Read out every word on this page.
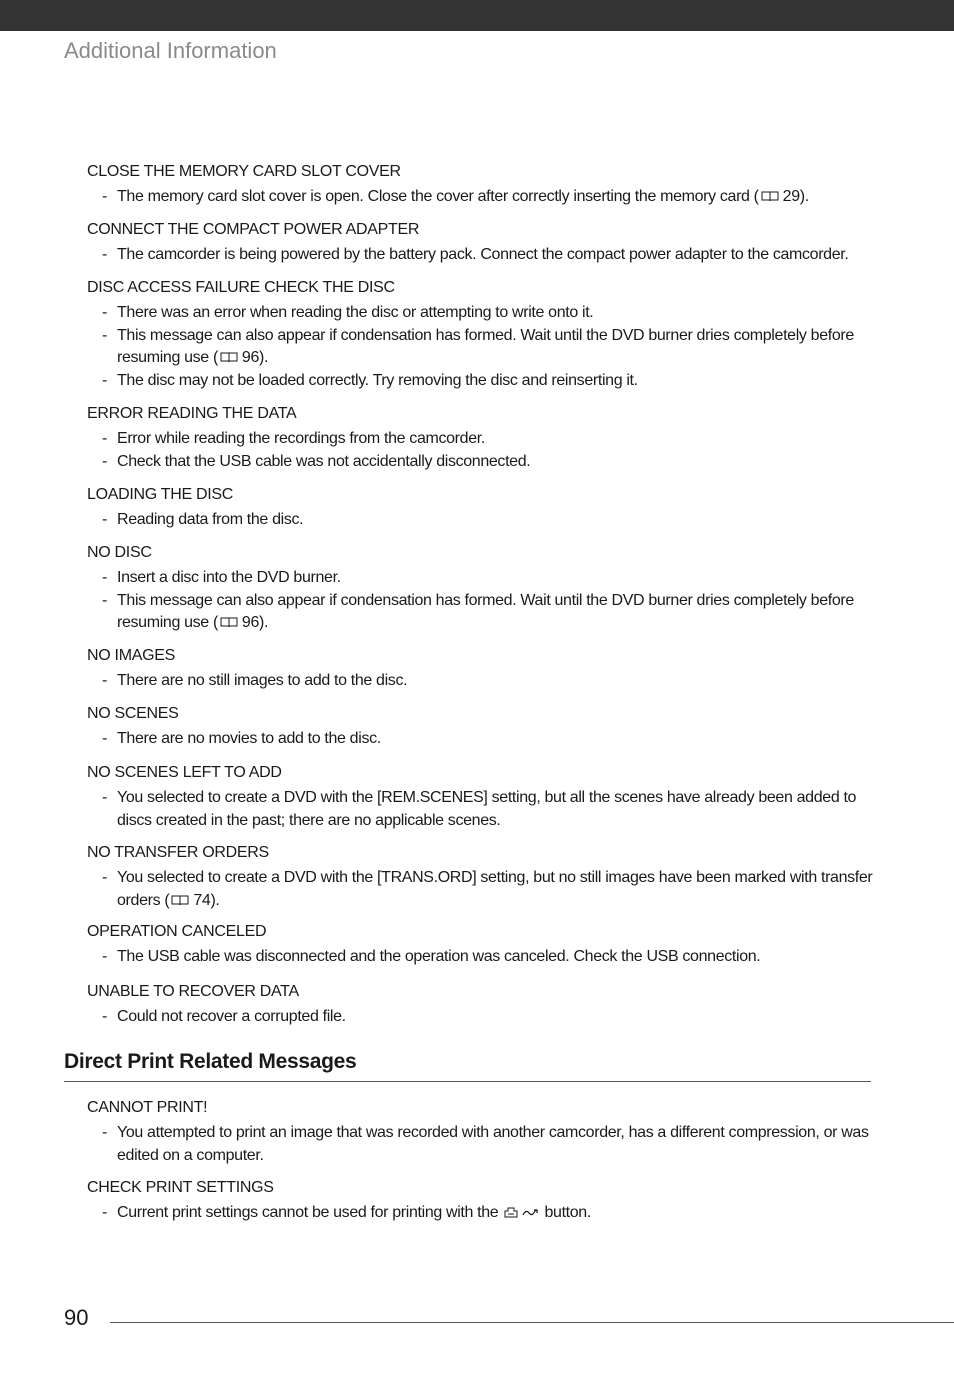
Additional Information
CLOSE THE MEMORY CARD SLOT COVER
- The memory card slot cover is open. Close the cover after correctly inserting the memory card ( 29).
CONNECT THE COMPACT POWER ADAPTER
- The camcorder is being powered by the battery pack. Connect the compact power adapter to the camcorder.
DISC ACCESS FAILURE CHECK THE DISC
- There was an error when reading the disc or attempting to write onto it.
- This message can also appear if condensation has formed. Wait until the DVD burner dries completely before resuming use ( 96).
- The disc may not be loaded correctly. Try removing the disc and reinserting it.
ERROR READING THE DATA
- Error while reading the recordings from the camcorder.
- Check that the USB cable was not accidentally disconnected.
LOADING THE DISC
- Reading data from the disc.
NO DISC
- Insert a disc into the DVD burner.
- This message can also appear if condensation has formed. Wait until the DVD burner dries completely before resuming use ( 96).
NO IMAGES
- There are no still images to add to the disc.
NO SCENES
- There are no movies to add to the disc.
NO SCENES LEFT TO ADD
- You selected to create a DVD with the [REM.SCENES] setting, but all the scenes have already been added to discs created in the past; there are no applicable scenes.
NO TRANSFER ORDERS
- You selected to create a DVD with the [TRANS.ORD] setting, but no still images have been marked with transfer orders ( 74).
OPERATION CANCELED
- The USB cable was disconnected and the operation was canceled. Check the USB connection.
UNABLE TO RECOVER DATA
- Could not recover a corrupted file.
CANNOT PRINT!
- You attempted to print an image that was recorded with another camcorder, has a different compression, or was edited on a computer.
CHECK PRINT SETTINGS
- Current print settings cannot be used for printing with the	button.
Direct Print Related Messages
90
